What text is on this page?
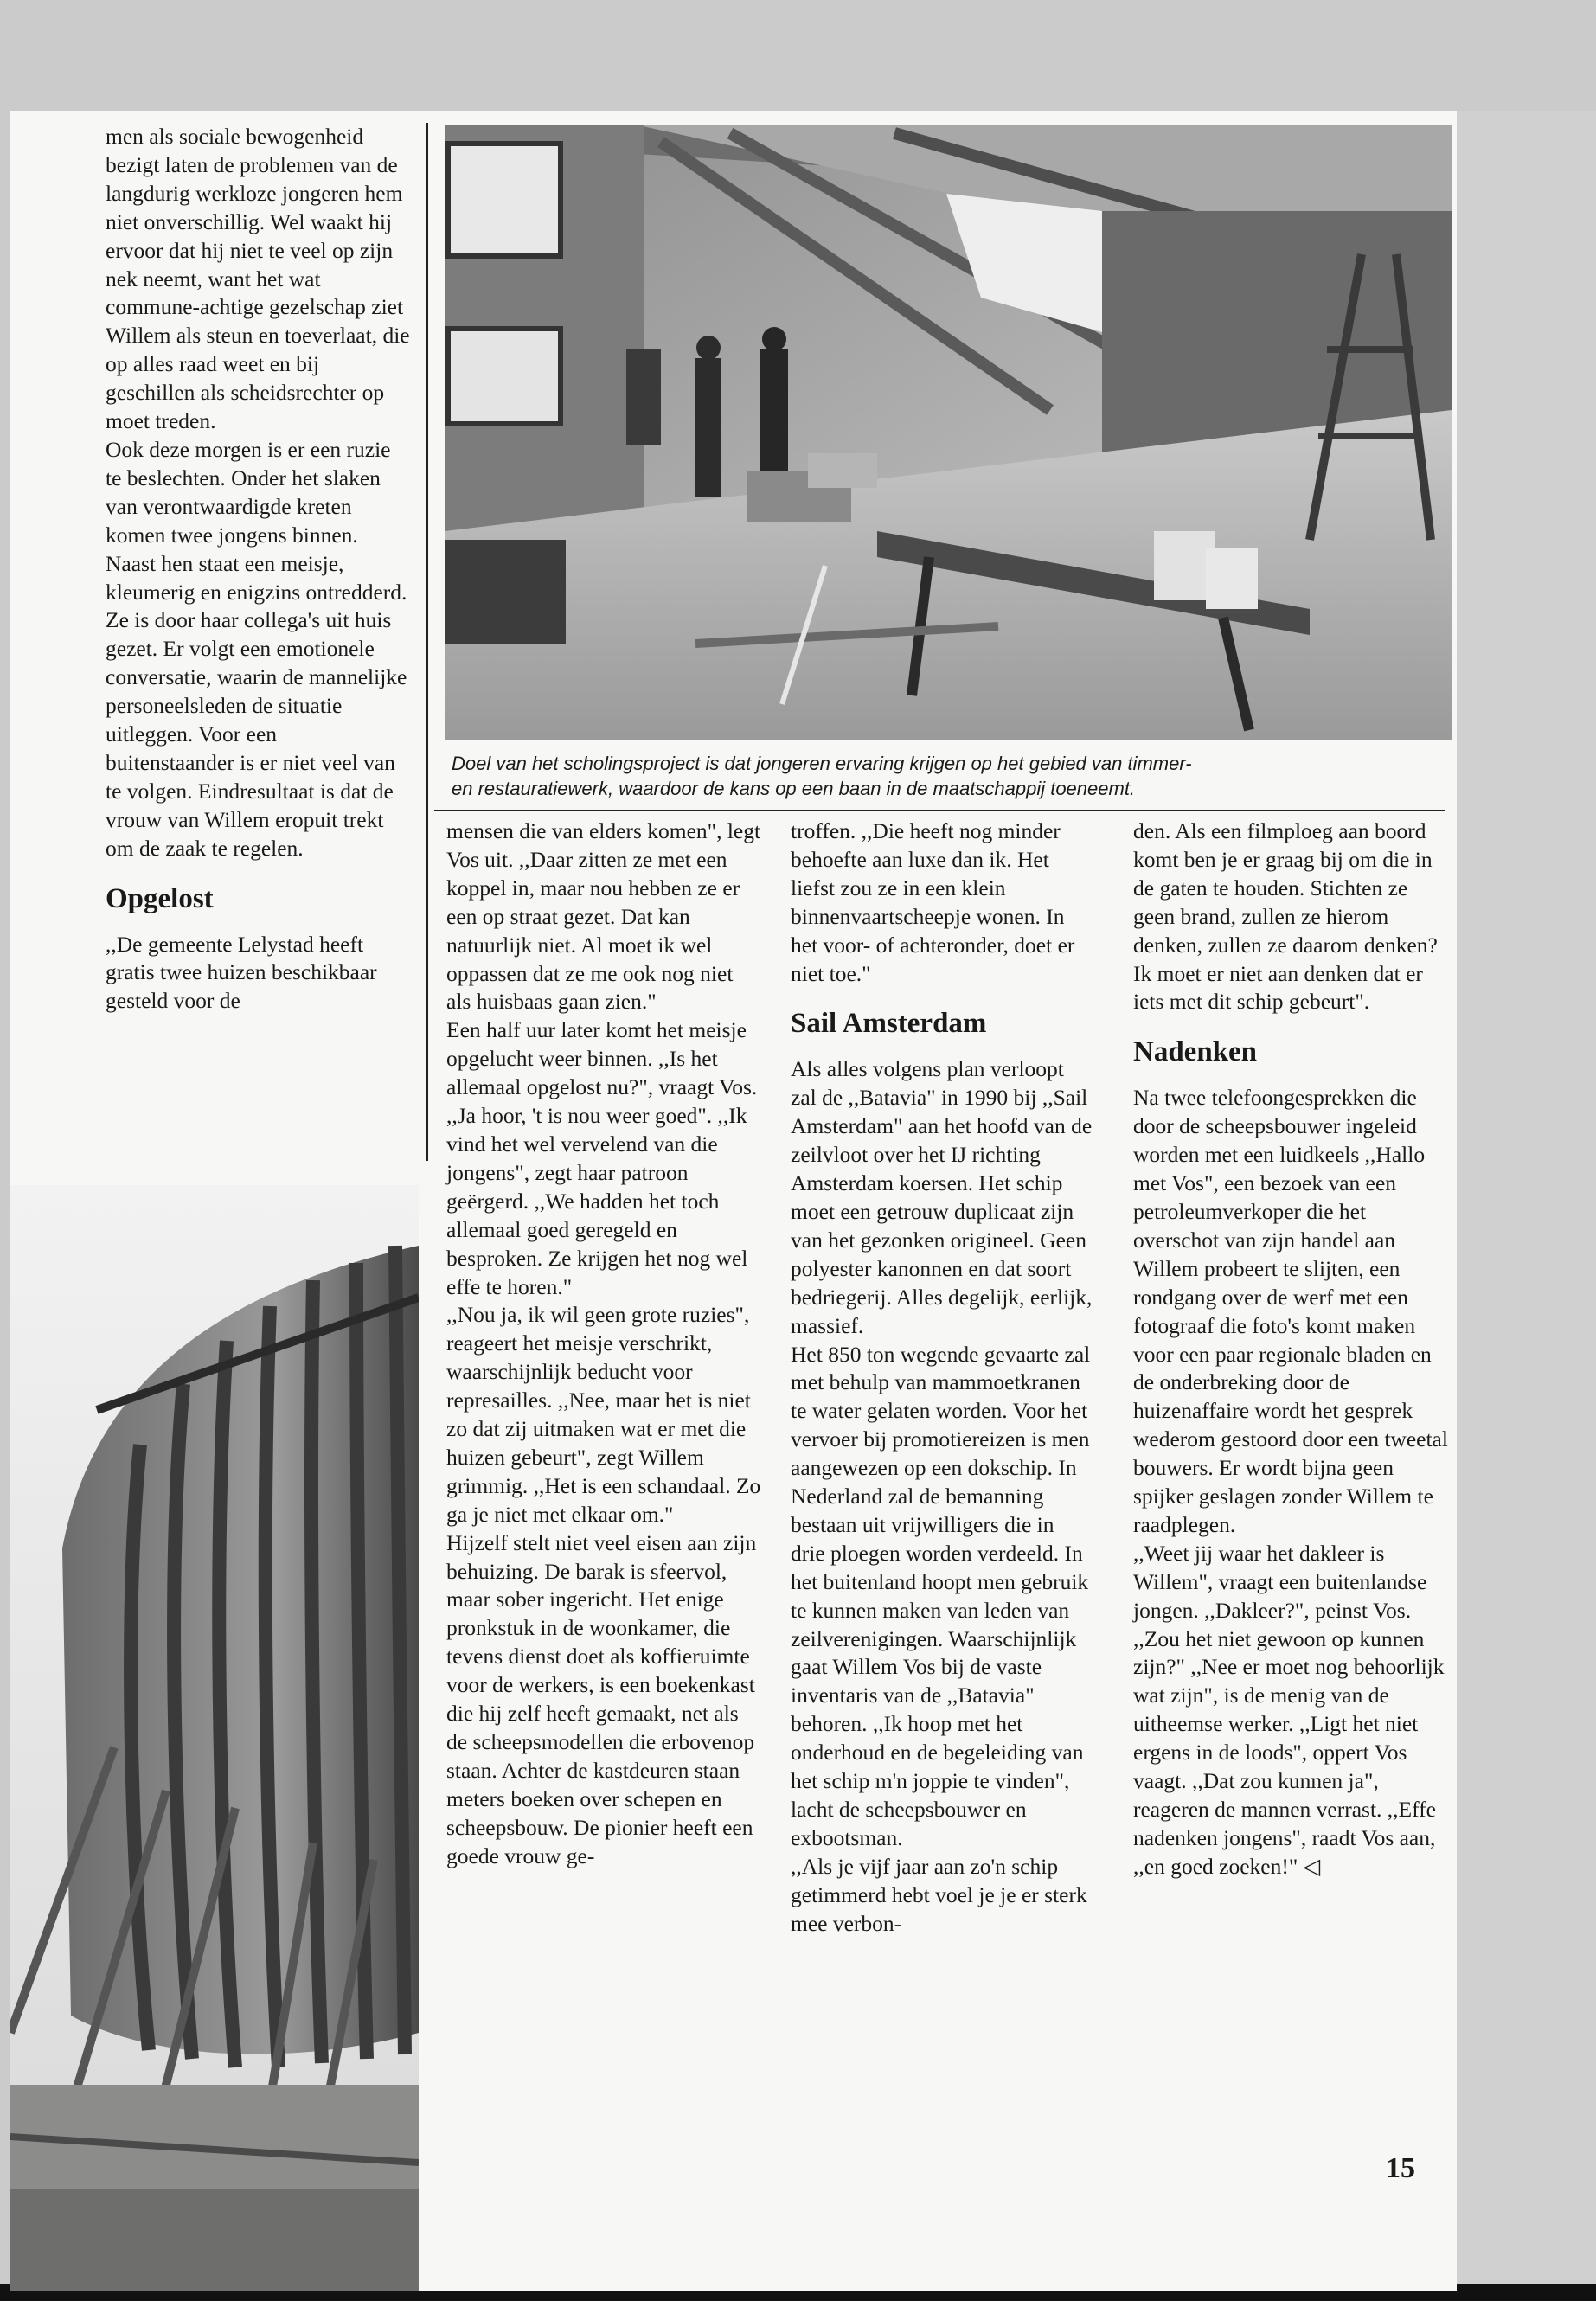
Doel van het scholingsproject is dat jongeren ervaring krijgen op het gebied van timmer-
en restauratiewerk, waardoor de kans op een baan in de maatschappij toeneemt.

men als sociale bewogenheid bezigt laten de problemen van de langdurig werkloze jongeren hem niet onverschillig. Wel waakt hij ervoor dat hij niet te veel op zijn nek neemt, want het wat commune-achtige gezelschap ziet Willem als steun en toeverlaat, die op alles raad weet en bij geschillen als scheidsrechter op moet treden.

Ook deze morgen is er een ruzie te beslechten. Onder het slaken van verontwaardigde kreten komen twee jongens binnen. Naast hen staat een meisje, kleumerig en enigzins ontredderd. Ze is door haar collega's uit huis gezet. Er volgt een emotionele conversatie, waarin de mannelijke personeelsleden de situatie uitleggen. Voor een buitenstaander is er niet veel van te volgen. Eindresultaat is dat de vrouw van Willem eropuit trekt om de zaak te regelen.

Opgelost

,,De gemeente Lelystad heeft gratis twee huizen beschikbaar gesteld voor de

mensen die van elders komen", legt Vos uit. ,,Daar zitten ze met een koppel in, maar nou hebben ze er een op straat gezet. Dat kan natuurlijk niet. Al moet ik wel oppassen dat ze me ook nog niet als huisbaas gaan zien."

Een half uur later komt het meisje opgelucht weer binnen. ,,Is het allemaal opgelost nu?", vraagt Vos. ,,Ja hoor, 't is nou weer goed". ,,Ik vind het wel vervelend van die jongens", zegt haar patroon geërgerd. ,,We hadden het toch allemaal goed geregeld en besproken. Ze krijgen het nog wel effe te horen."

,,Nou ja, ik wil geen grote ruzies", reageert het meisje verschrikt, waarschijnlijk beducht voor represailles. ,,Nee, maar het is niet zo dat zij uitmaken wat er met die huizen gebeurt", zegt Willem grimmig. ,,Het is een schandaal. Zo ga je niet met elkaar om."

Hijzelf stelt niet veel eisen aan zijn behuizing. De barak is sfeervol, maar sober ingericht. Het enige pronkstuk in de woonkamer, die tevens dienst doet als koffieruimte voor de werkers, is een boekenkast die hij zelf heeft gemaakt, net als de scheepsmodellen die erbovenop staan. Achter de kastdeuren staan meters boeken over schepen en scheepsbouw. De pionier heeft een goede vrouw ge-

troffen. ,,Die heeft nog minder behoefte aan luxe dan ik. Het liefst zou ze in een klein binnenvaartscheepje wonen. In het voor- of achteronder, doet er niet toe."

Sail Amsterdam

Als alles volgens plan verloopt zal de ,,Batavia" in 1990 bij ,,Sail Amsterdam" aan het hoofd van de zeilvloot over het IJ richting Amsterdam koersen. Het schip moet een getrouw duplicaat zijn van het gezonken origineel. Geen polyester kanonnen en dat soort bedriegerij. Alles degelijk, eerlijk, massief.

Het 850 ton wegende gevaarte zal met behulp van mammoetkranen te water gelaten worden. Voor het vervoer bij promotiereizen is men aangewezen op een dokschip. In Nederland zal de bemanning bestaan uit vrijwilligers die in drie ploegen worden verdeeld. In het buitenland hoopt men gebruik te kunnen maken van leden van zeilverenigingen. Waarschijnlijk gaat Willem Vos bij de vaste inventaris van de ,,Batavia" behoren. ,,Ik hoop met het onderhoud en de begeleiding van het schip m'n joppie te vinden", lacht de scheepsbouwer en exbootsman.

,,Als je vijf jaar aan zo'n schip getimmerd hebt voel je je er sterk mee verbon-

den. Als een filmploeg aan boord komt ben je er graag bij om die in de gaten te houden. Stichten ze geen brand, zullen ze hierom denken, zullen ze daarom denken? Ik moet er niet aan denken dat er iets met dit schip gebeurt".

Nadenken

Na twee telefoongesprekken die door de scheepsbouwer ingeleid worden met een luidkeels ,,Hallo met Vos", een bezoek van een petroleumverkoper die het overschot van zijn handel aan Willem probeert te slijten, een rondgang over de werf met een fotograaf die foto's komt maken voor een paar regionale bladen en de onderbreking door de huizenaffaire wordt het gesprek wederom gestoord door een tweetal bouwers. Er wordt bijna geen spijker geslagen zonder Willem te raadplegen.

,,Weet jij waar het dakleer is Willem", vraagt een buitenlandse jongen. ,,Dakleer?", peinst Vos. ,,Zou het niet gewoon op kunnen zijn?" ,,Nee er moet nog behoorlijk wat zijn", is de menig van de uitheemse werker. ,,Ligt het niet ergens in de loods", oppert Vos vaagt. ,,Dat zou kunnen ja", reageren de mannen verrast. ,,Effe nadenken jongens", raadt Vos aan, ,,en goed zoeken!" ◁

15
